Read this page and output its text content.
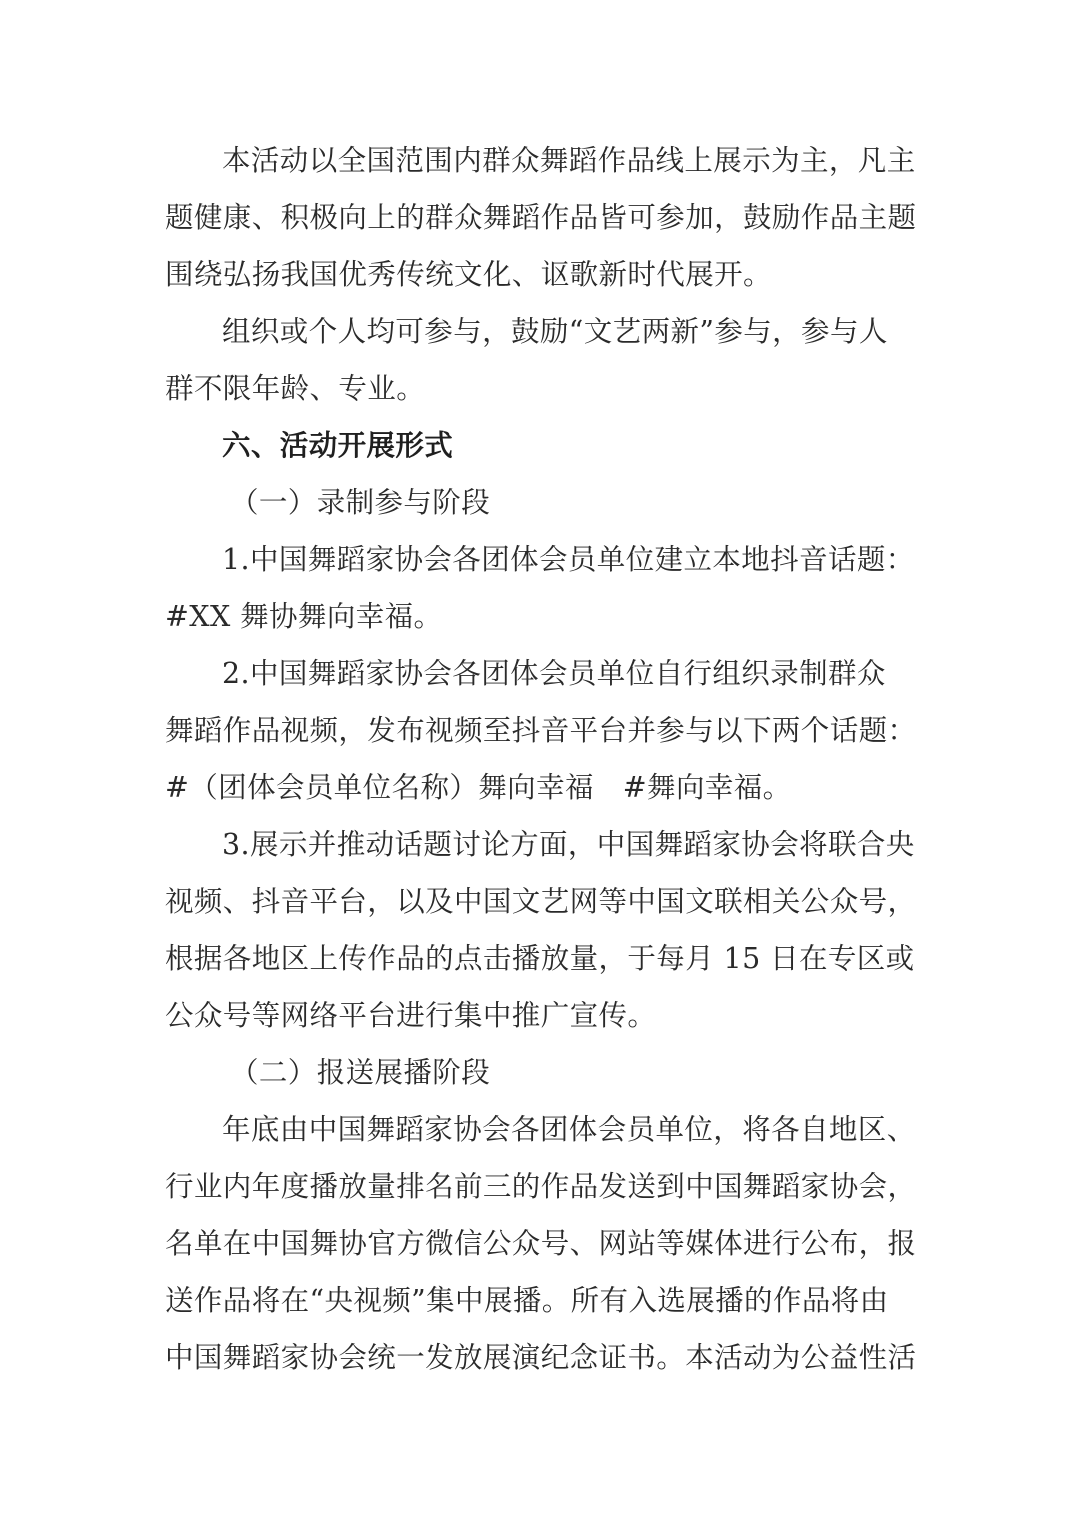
本活动以全国范围内群众舞蹈作品线上展示为主，凡主
题健康、积极向上的群众舞蹈作品皆可参加，鼓励作品主题
围绕弘扬我国优秀传统文化、讴歌新时代展开。
组织或个人均可参与，鼓励“文艺两新”参与，参与人
群不限年龄、专业。
六、活动开展形式
（一）录制参与阶段
1.中国舞蹈家协会各团体会员单位建立本地抖音话题：
#XX 舞协舞向幸福。
2.中国舞蹈家协会各团体会员单位自行组织录制群众
舞蹈作品视频，发布视频至抖音平台并参与以下两个话题：
#（团体会员单位名称）舞向幸福　#舞向幸福。
3.展示并推动话题讨论方面，中国舞蹈家协会将联合央
视频、抖音平台，以及中国文艺网等中国文联相关公众号，
根据各地区上传作品的点击播放量，于每月 15 日在专区或
公众号等网络平台进行集中推广宣传。
（二）报送展播阶段
年底由中国舞蹈家协会各团体会员单位，将各自地区、
行业内年度播放量排名前三的作品发送到中国舞蹈家协会，
名单在中国舞协官方微信公众号、网站等媒体进行公布，报
送作品将在“央视频”集中展播。所有入选展播的作品将由
中国舞蹈家协会统一发放展演纪念证书。本活动为公益性活
